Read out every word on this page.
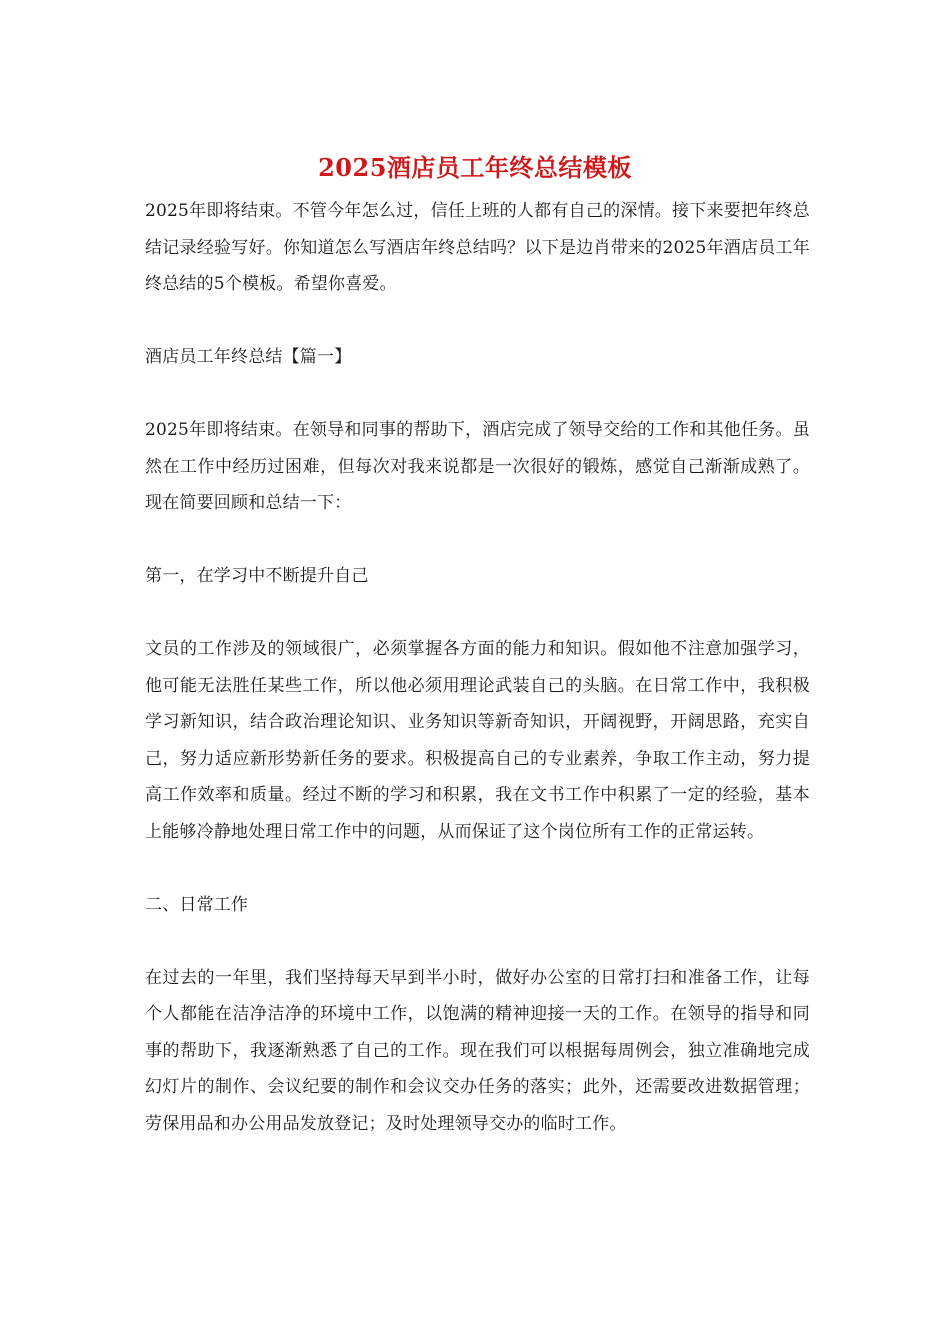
2025酒店员工年终总结模板

2025年即将结束。不管今年怎么过，信任上班的人都有自己的深情。接下来要把年终总结记录经验写好。你知道怎么写酒店年终总结吗？以下是边肖带来的2025年酒店员工年终总结的5个模板。希望你喜爱。

酒店员工年终总结【篇一】

2025年即将结束。在领导和同事的帮助下，酒店完成了领导交给的工作和其他任务。虽然在工作中经历过困难，但每次对我来说都是一次很好的锻炼，感觉自己渐渐成熟了。现在简要回顾和总结一下：

第一，在学习中不断提升自己

文员的工作涉及的领域很广，必须掌握各方面的能力和知识。假如他不注意加强学习，他可能无法胜任某些工作，所以他必须用理论武装自己的头脑。在日常工作中，我积极学习新知识，结合政治理论知识、业务知识等新奇知识，开阔视野，开阔思路，充实自己，努力适应新形势新任务的要求。积极提高自己的专业素养，争取工作主动，努力提高工作效率和质量。经过不断的学习和积累，我在文书工作中积累了一定的经验，基本上能够冷静地处理日常工作中的问题，从而保证了这个岗位所有工作的正常运转。

二、日常工作

在过去的一年里，我们坚持每天早到半小时，做好办公室的日常打扫和准备工作，让每个人都能在洁净洁净的环境中工作，以饱满的精神迎接一天的工作。在领导的指导和同事的帮助下，我逐渐熟悉了自己的工作。现在我们可以根据每周例会，独立准确地完成幻灯片的制作、会议纪要的制作和会议交办任务的落实；此外，还需要改进数据管理；劳保用品和办公用品发放登记；及时处理领导交办的临时工作。
